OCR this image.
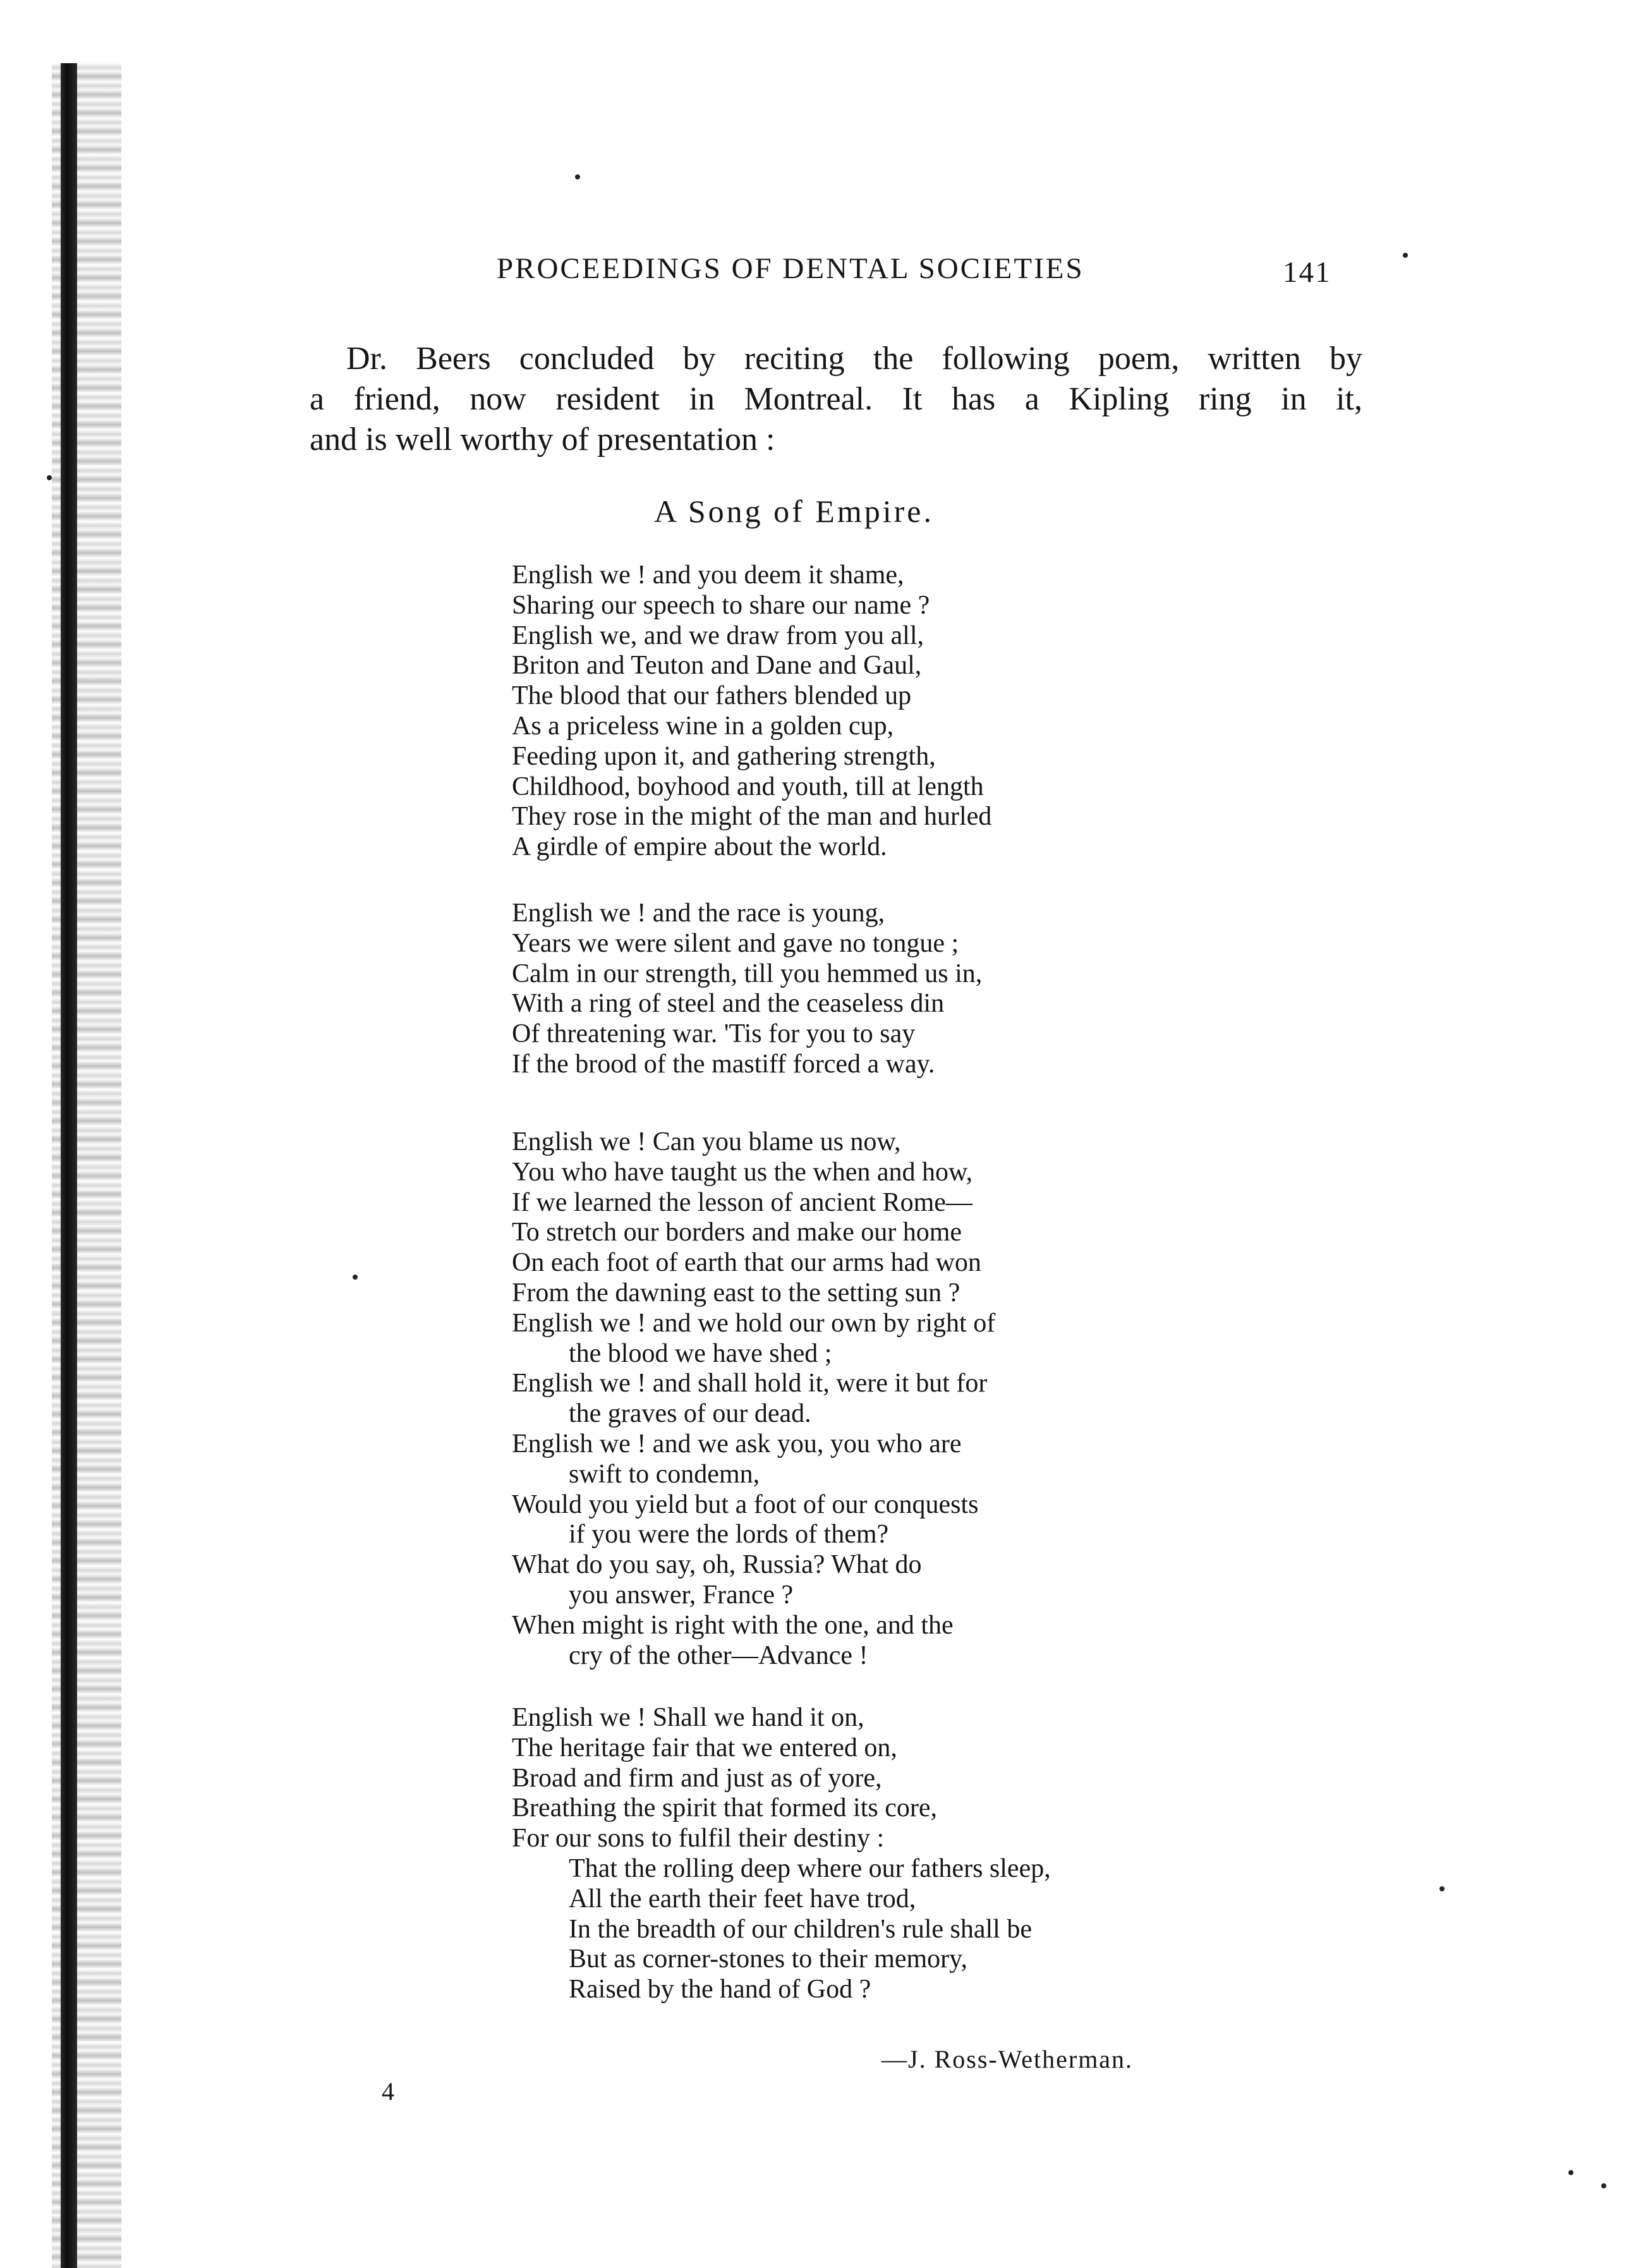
PROCEEDINGS OF DENTAL SOCIETIES	141
Dr. Beers concluded by reciting the following poem, written by
a friend, now resident in Montreal. It has a Kipling ring in it,
and is well worthy of presentation :
A Song of Empire.
English we ! and you deem it shame,
Sharing our speech to share our name ?
English we, and we draw from you all,
Briton and Teuton and Dane and Gaul,
The blood that our fathers blended up
As a priceless wine in a golden cup,
Feeding upon it, and gathering strength,
Childhood, boyhood and youth, till at length
They rose in the might of the man and hurled
A girdle of empire about the world.
English we ! and the race is young,
Years we were silent and gave no tongue ;
Calm in our strength, till you hemmed us in,
With a ring of steel and the ceaseless din
Of threatening war. 'Tis for you to say
If the brood of the mastiff forced a way.
English we ! Can you blame us now,
You who have taught us the when and how,
If we learned the lesson of ancient Rome—
To stretch our borders and make our home
On each foot of earth that our arms had won
From the dawning east to the setting sun ?
English we ! and we hold our own by right of
the blood we have shed ;
English we ! and shall hold it, were it but for
the graves of our dead.
English we ! and we ask you, you who are
swift to condemn,
Would you yield but a foot of our conquests
if you were the lords of them?
What do you say, oh, Russia? What do
you answer, France ?
When might is right with the one, and the
cry of the other—Advance !
English we ! Shall we hand it on,
The heritage fair that we entered on,
Broad and firm and just as of yore,
Breathing the spirit that formed its core,
For our sons to fulfil their destiny :
That the rolling deep where our fathers sleep,
All the earth their feet have trod,
In the breadth of our children's rule shall be
But as corner-stones to their memory,
Raised by the hand of God ?
—J. Ross-Wetherman.
4
